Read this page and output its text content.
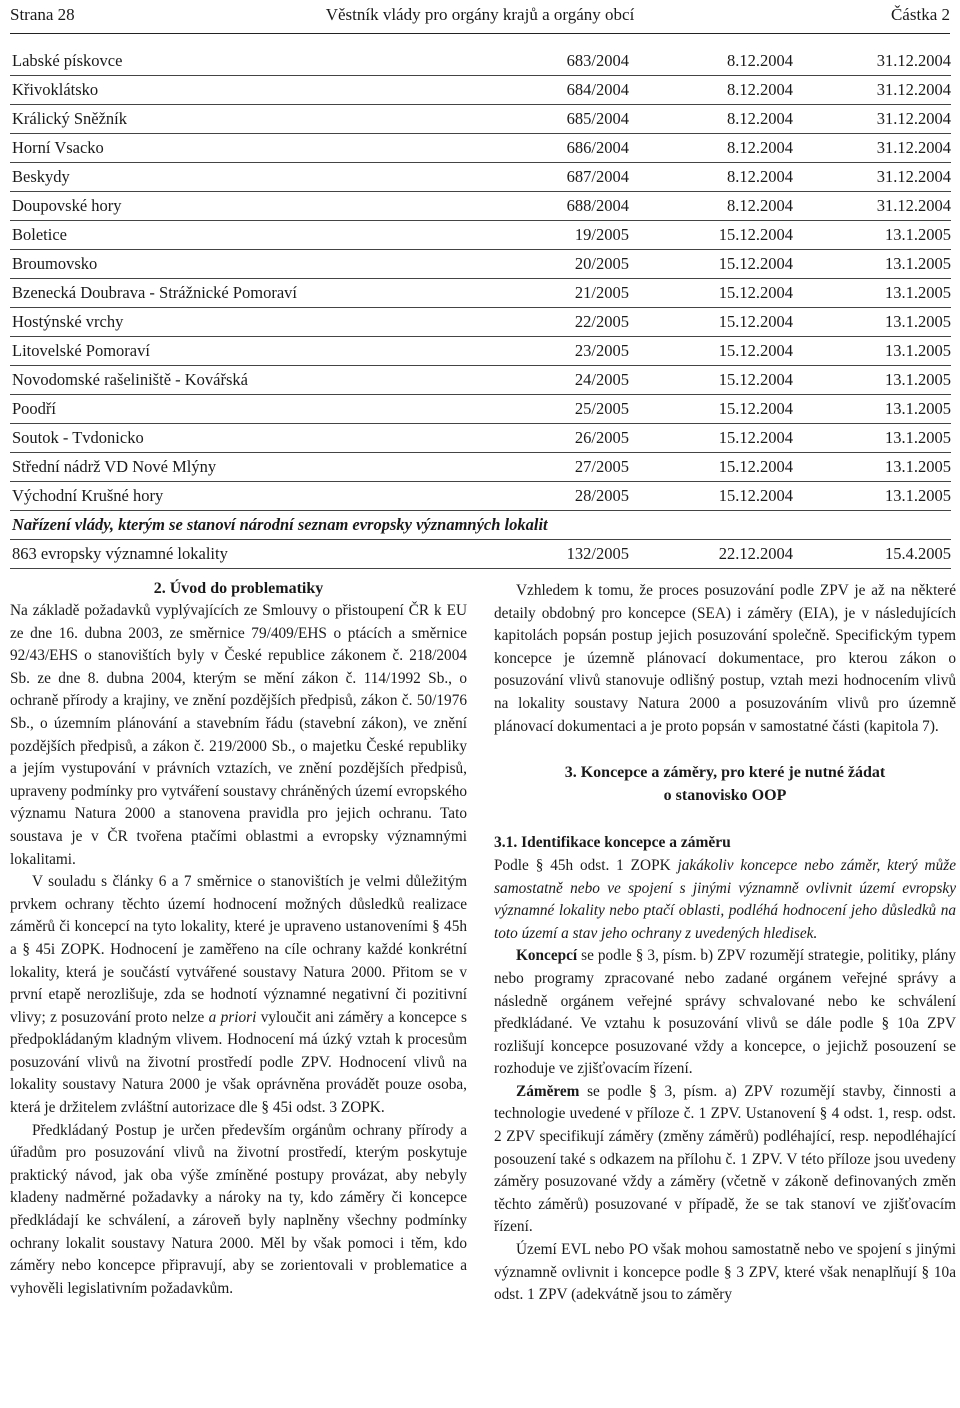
Strana 28	Věstník vlády pro orgány krajů a orgány obcí	Částka 2
Labské pískovce	683/2004	8.12.2004	31.12.2004
Křivoklátsko	684/2004	8.12.2004	31.12.2004
Králický Sněžník	685/2004	8.12.2004	31.12.2004
Horní Vsacko	686/2004	8.12.2004	31.12.2004
Beskydy	687/2004	8.12.2004	31.12.2004
Doupovské hory	688/2004	8.12.2004	31.12.2004
Boletice	19/2005	15.12.2004	13.1.2005
Broumovsko	20/2005	15.12.2004	13.1.2005
Bzenecká Doubrava - Strážnické Pomoraví	21/2005	15.12.2004	13.1.2005
Hostýnské vrchy	22/2005	15.12.2004	13.1.2005
Litovelské Pomoraví	23/2005	15.12.2004	13.1.2005
Novodomské rašeliniště - Kovářská	24/2005	15.12.2004	13.1.2005
Poodří	25/2005	15.12.2004	13.1.2005
Soutok - Tvdonicko	26/2005	15.12.2004	13.1.2005
Střední nádrž VD Nové Mlýny	27/2005	15.12.2004	13.1.2005
Východní Krušné hory	28/2005	15.12.2004	13.1.2005
Nařízení vlády, kterým se stanoví národní seznam evropsky významných lokalit
863 evropsky významné lokality	132/2005	22.12.2004	15.4.2005

2. Úvod do problematiky

Na základě požadavků vyplývajících ze Smlouvy o přistoupení ČR k EU ze dne 16. dubna 2003, ze směrnice 79/409/EHS o ptácích a směrnice 92/43/EHS o stanovištích byly v České republice zákonem č. 218/2004 Sb. ze dne 8. dubna 2004, kterým se mění zákon č. 114/1992 Sb., o ochraně přírody a krajiny, ve znění pozdějších předpisů, zákon č. 50/1976 Sb., o územním plánování a stavebním řádu (stavební zákon), ve znění pozdějších předpisů, a zákon č. 219/2000 Sb., o majetku České republiky a jejím vystupování v právních vztazích, ve znění pozdějších předpisů, upraveny podmínky pro vytváření soustavy chráněných území evropského významu Natura 2000 a stanovena pravidla pro jejich ochranu. Tato soustava je v ČR tvořena ptačími oblastmi a evropsky významnými lokalitami.

V souladu s články 6 a 7 směrnice o stanovištích je velmi důležitým prvkem ochrany těchto území hodnocení možných důsledků realizace záměrů či koncepcí na tyto lokality, které je upraveno ustanoveními § 45h a § 45i ZOPK. Hodnocení je zaměřeno na cíle ochrany každé konkrétní lokality, která je součástí vytvářené soustavy Natura 2000. Přitom se v první etapě nerozlišuje, zda se hodnotí významné negativní či pozitivní vlivy; z posuzování proto nelze a priori vyloučit ani záměry a koncepce s předpokládaným kladným vlivem. Hodnocení má úzký vztah k procesům posuzování vlivů na životní prostředí podle ZPV. Hodnocení vlivů na lokality soustavy Natura 2000 je však oprávněna provádět pouze osoba, která je držitelem zvláštní autorizace dle § 45i odst. 3 ZOPK.

Předkládaný Postup je určen především orgánům ochrany přírody a úřadům pro posuzování vlivů na životní prostředí, kterým poskytuje praktický návod, jak oba výše zmíněné postupy provázat, aby nebyly kladeny nadměrné požadavky a nároky na ty, kdo záměry či koncepce předkládají ke schválení, a zároveň byly naplněny všechny podmínky ochrany lokalit soustavy Natura 2000. Měl by však pomoci i těm, kdo záměry nebo koncepce připravují, aby se zorientovali v problematice a vyhověli legislativním požadavkům.

Vzhledem k tomu, že proces posuzování podle ZPV je až na některé detaily obdobný pro koncepce (SEA) i záměry (EIA), je v následujících kapitolách popsán postup jejich posuzování společně. Specifickým typem koncepce je územně plánovací dokumentace, pro kterou zákon o posuzování vlivů stanovuje odlišný postup, vztah mezi hodnocením vlivů na lokality soustavy Natura 2000 a posuzováním vlivů pro územně plánovací dokumentaci a je proto popsán v samostatné části (kapitola 7).

3. Koncepce a záměry, pro které je nutné žádat
o stanovisko OOP

3.1. Identifikace koncepce a záměru

Podle § 45h odst. 1 ZOPK jakákoliv koncepce nebo záměr, který může samostatně nebo ve spojení s jinými významně ovlivnit území evropsky významné lokality nebo ptačí oblasti, podléhá hodnocení jeho důsledků na toto území a stav jeho ochrany z uvedených hledisek.

Koncepcí se podle § 3, písm. b) ZPV rozumějí strategie, politiky, plány nebo programy zpracované nebo zadané orgánem veřejné správy a následně orgánem veřejné správy schvalované nebo ke schválení předkládané. Ve vztahu k posuzování vlivů se dále podle § 10a ZPV rozlišují koncepce posuzované vždy a koncepce, o jejichž posouzení se rozhoduje ve zjišťovacím řízení.

Záměrem se podle § 3, písm. a) ZPV rozumějí stavby, činnosti a technologie uvedené v příloze č. 1 ZPV. Ustanovení § 4 odst. 1, resp. odst. 2 ZPV specifikují záměry (změny záměrů) podléhající, resp. nepodléhající posouzení také s odkazem na přílohu č. 1 ZPV. V této příloze jsou uvedeny záměry posuzované vždy a záměry (včetně v zákoně definovaných změn těchto záměrů) posuzované v případě, že se tak stanoví ve zjišťovacím řízení.

Území EVL nebo PO však mohou samostatně nebo ve spojení s jinými významně ovlivnit i koncepce podle § 3 ZPV, které však nenaplňují § 10a odst. 1 ZPV (adekvátně jsou to záměry
